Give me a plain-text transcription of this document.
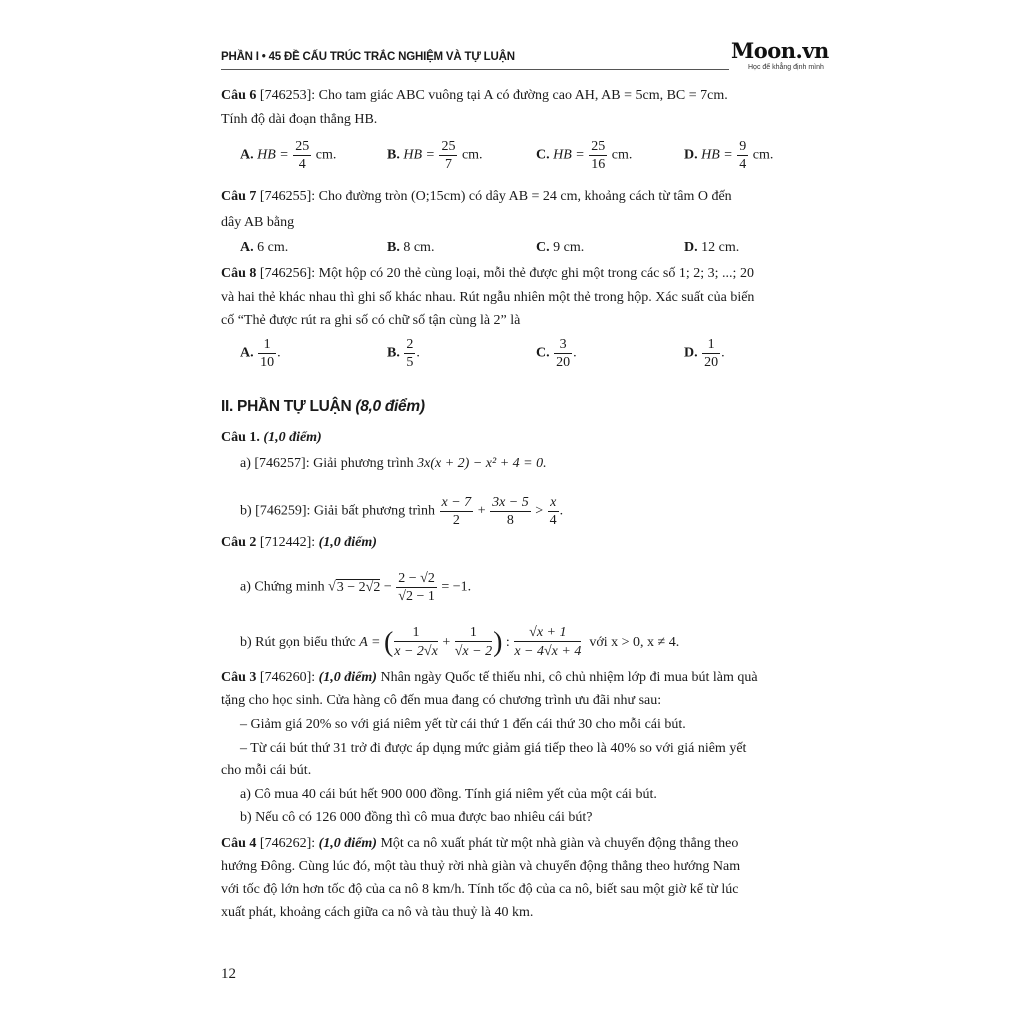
PHẦN I • 45 ĐỀ CẤU TRÚC TRẮC NGHIỆM VÀ TỰ LUẬN	Moon.vn
Học để khẳng định mình
Câu 6 [746253]: Cho tam giác ABC vuông tại A có đường cao AH, AB = 5cm, BC = 7cm.
Tính độ dài đoạn thẳng HB.
A. HB = $\frac{25}{4}$ cm.	B. HB = $\frac{25}{7}$ cm.	C. HB = $\frac{25}{16}$ cm.	D. HB = $\frac{9}{4}$ cm.
Câu 7 [746255]: Cho đường tròn (O;15cm) có dây AB = 24 cm, khoảng cách từ tâm O đến
dây AB bằng
A. 6 cm.	B. 8 cm.	C. 9 cm.	D. 12 cm.
Câu 8 [746256]: Một hộp có 20 thẻ cùng loại, mỗi thẻ được ghi một trong các số 1; 2; 3; ...; 20
và hai thẻ khác nhau thì ghi số khác nhau. Rút ngẫu nhiên một thẻ trong hộp. Xác suất của biến
cố “Thẻ được rút ra ghi số có chữ số tận cùng là 2” là
A. $\frac{1}{10}$ .	B. $\frac{2}{5}$ .	C. $\frac{3}{20}$ .	D. $\frac{1}{20}$ .
II. PHẦN TỰ LUẬN (8,0 điểm)
Câu 1. (1,0 điểm)
a) [746257]: Giải phương trình 3x(x + 2) − x² + 4 = 0.
b) [746259]: Giải bất phương trình $\frac{x - 7}{2} + \frac{3x - 5}{8} > \frac{x}{4}$ .
Câu 2 [712442]: (1,0 điểm)
a) Chứng minh $√3 - 2√2 - \frac{2 - √2}{√2 - 1} = -1$.
b) Rút gọn biểu thức A = ( $\frac{1}{x - 2√x} + \frac{1}{√x - 2}$) : $\frac{√x + 1}{x - 4√x + 4}$ với x > 0, x ≠ 4.
Câu 3 [746260]: (1,0 điểm) Nhân ngày Quốc tế thiếu nhi, cô chủ nhiệm lớp đi mua bút làm quà
tặng cho học sinh. Cửa hàng cô đến mua đang có chương trình ưu đãi như sau:
– Giảm giá 20% so với giá niêm yết từ cái thứ 1 đến cái thứ 30 cho mỗi cái bút.
– Từ cái bút thứ 31 trở đi được áp dụng mức giảm giá tiếp theo là 40% so với giá niêm yết
cho mỗi cái bút.
a) Cô mua 40 cái bút hết 900 000 đồng. Tính giá niêm yết của một cái bút.
b) Nếu cô có 126 000 đồng thì cô mua được bao nhiêu cái bút?
Câu 4 [746262]: (1,0 điểm) Một ca nô xuất phát từ một nhà giàn và chuyển động thẳng theo
hướng Đông. Cùng lúc đó, một tàu thuỷ rời nhà giàn và chuyển động thẳng theo hướng Nam
với tốc độ lớn hơn tốc độ của ca nô 8 km/h. Tính tốc độ của ca nô, biết sau một giờ kể từ lúc
xuất phát, khoảng cách giữa ca nô và tàu thuỷ là 40 km.
12
